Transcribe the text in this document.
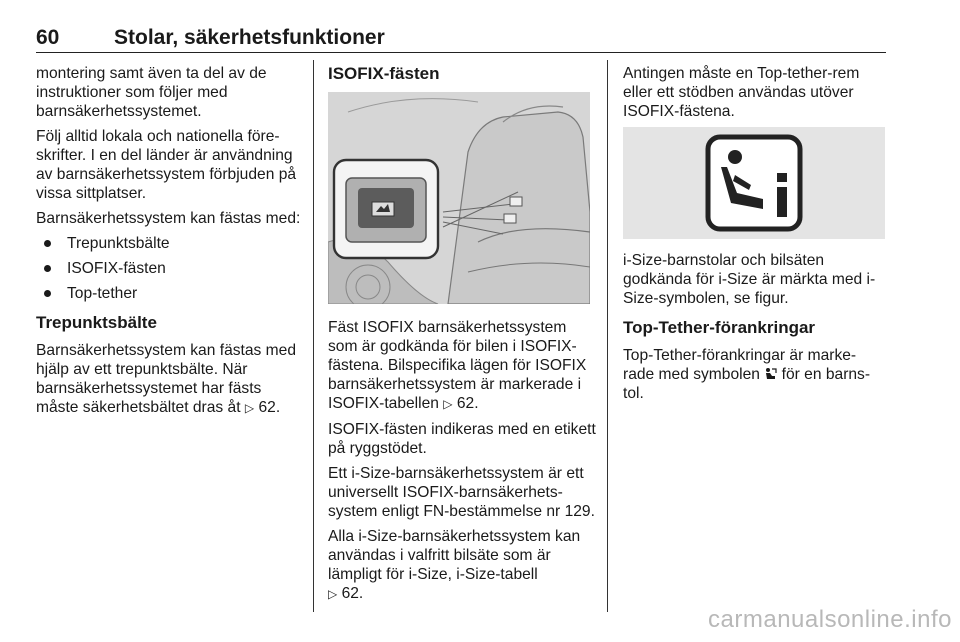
60	Stolar, säkerhetsfunktioner

montering samt även ta del av de instruktioner som följer med barnsäkerhetssystemet.

Följ alltid lokala och nationella före- skrifter. I en del länder är användning av barnsäkerhetssystem förbjuden på vissa sittplatser.

Barnsäkerhetssystem kan fästas med:

Trepunktsbälte
ISOFIX-fästen
Top-tether
Trepunktsbälte

Barnsäkerhetssystem kan fästas med hjälp av ett trepunktsbälte. När barnsäkerhetssystemet har fästs måste säkerhetsbältet dras åt ▷ 62.

ISOFIX-fästen

Fäst ISOFIX barnsäkerhetssystem som är godkända för bilen i ISOFIX- fästena. Bilspecifika lägen för ISOFIX barnsäkerhetssystem är markerade i ISOFIX-tabellen ▷ 62.

ISOFIX-fästen indikeras med en etikett på ryggstödet.

Ett i-Size-barnsäkerhetssystem är ett universellt ISOFIX-barnsäkerhets- system enligt FN-bestämmelse nr 129.

Alla i-Size-barnsäkerhetssystem kan användas i valfritt bilsäte som är lämpligt för i-Size, i-Size-tabell
▷ 62.

Antingen måste en Top-tether-rem eller ett stödben användas utöver ISOFIX-fästena.

i-Size-barnstolar och bilsäten godkända för i-Size är märkta med i-Size-symbolen, se figur.

Top-Tether-förankringar

Top-Tether-förankringar är marke- rade med symbolen för en barns- tol.

carmanualsonline.info
